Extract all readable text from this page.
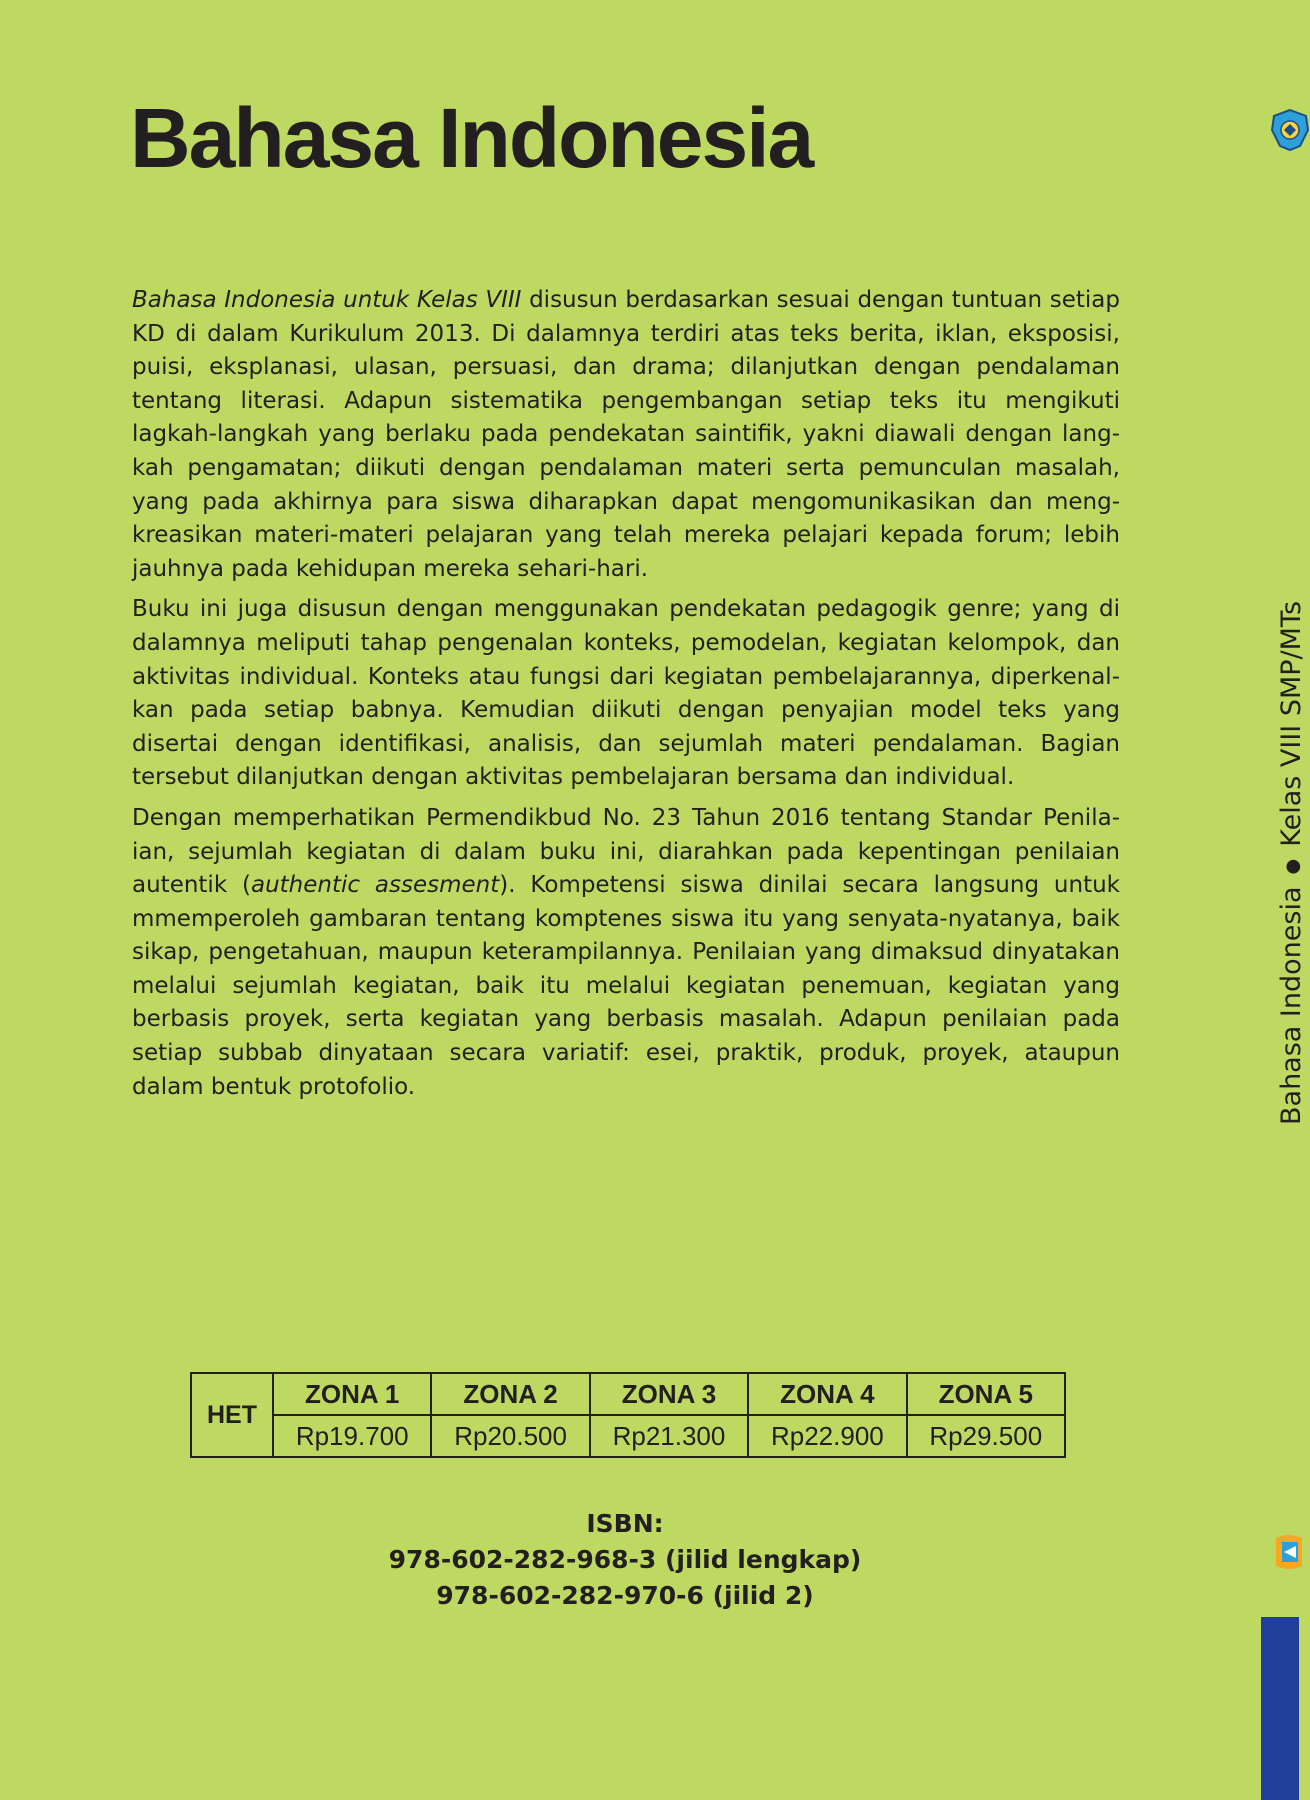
Bahasa Indonesia

Bahasa Indonesia untuk Kelas VIII disusun berdasarkan sesuai dengan tuntuan setiap KD di dalam Kurikulum 2013. Di dalamnya terdiri atas teks berita, iklan, eksposisi, puisi, eksplanasi, ulasan, persuasi, dan drama; dilanjutkan dengan pendalaman tentang literasi. Adapun sistematika pengembangan setiap teks itu mengikuti lagkah-langkah yang berlaku pada pendekatan saintifik, yakni diawali dengan langkah pengamatan; diikuti dengan pendalaman materi serta pemunculan masalah, yang pada akhirnya para siswa diharapkan dapat mengomunikasikan dan mengkreasikan materi-materi pelajaran yang telah mereka pelajari kepada forum; lebih jauhnya pada kehidupan mereka sehari-hari.

Buku ini juga disusun dengan menggunakan pendekatan pedagogik genre; yang di dalamnya meliputi tahap pengenalan konteks, pemodelan, kegiatan kelompok, dan aktivitas individual. Konteks atau fungsi dari kegiatan pembelajarannya, diperkenalkan pada setiap babnya. Kemudian diikuti dengan penyajian model teks yang disertai dengan identifikasi, analisis, dan sejumlah materi pendalaman. Bagian tersebut dilanjutkan dengan aktivitas pembelajaran bersama dan individual.

Dengan memperhatikan Permendikbud No. 23 Tahun 2016 tentang Standar Penilaian, sejumlah kegiatan di dalam buku ini, diarahkan pada kepentingan penilaian autentik (authentic assesment). Kompetensi siswa dinilai secara langsung untuk mmemperoleh gambaran tentang komptenes siswa itu yang senyata-nyatanya, baik sikap, pengetahuan, maupun keterampilannya. Penilaian yang dimaksud dinyatakan melalui sejumlah kegiatan, baik itu melalui kegiatan penemuan, kegiatan yang berbasis proyek, serta kegiatan yang berbasis masalah. Adapun penilaian pada setiap subbab dinyataan secara variatif: esei, praktik, produk, proyek, ataupun dalam bentuk protofolio.

HET	ZONA 1	ZONA 2	ZONA 3	ZONA 4	ZONA 5
	Rp19.700	Rp20.500	Rp21.300	Rp22.900	Rp29.500
ISBN:
978-602-282-968-3 (jilid lengkap)
978-602-282-970-6 (jilid 2)
Bahasa Indonesia●Kelas VIII SMP/MTs
